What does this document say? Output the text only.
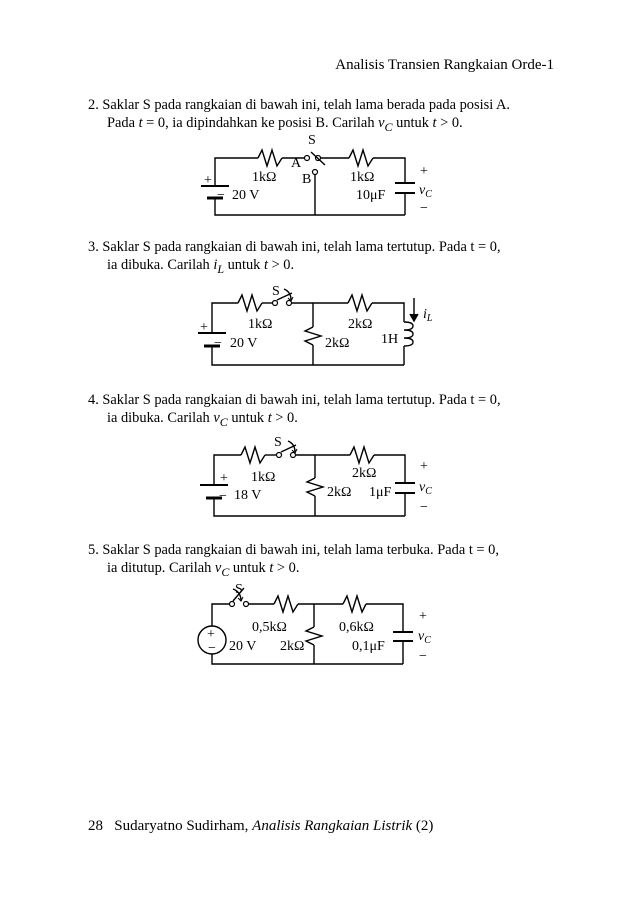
Analisis Transien Rangkaian Orde-1
2. Saklar S pada rangkaian di bawah ini, telah lama berada pada posisi A.
Pada t = 0, ia dipindahkan ke posisi B. Carilah $v_C$ untuk t > 0.
S
A
B
+
− 20 V
1kΩ	1kΩ
10μF
+
$v_C$
−
3. Saklar S pada rangkaian di bawah ini, telah lama tertutup. Pada t = 0,
ia dibuka. Carilah $i_L$ untuk t > 0.
S
+
− 20 V
1kΩ	2kΩ
2kΩ 1H
$i_L$
4. Saklar S pada rangkaian di bawah ini, telah lama tertutup. Pada t = 0,
ia dibuka. Carilah $v_C$ untuk t > 0.
S
+
− 18 V
1kΩ	2kΩ
2kΩ 1μF
+
$v_C$
−
5. Saklar S pada rangkaian di bawah ini, telah lama terbuka. Pada t = 0,
ia ditutup. Carilah $v_C$ untuk t > 0.
S
+
− 20 V
0,5kΩ
2kΩ
0,6kΩ
0,1μF
+
$v_C$
−
28 Sudaryatno Sudirham, Analisis Rangkaian Listrik (2)
